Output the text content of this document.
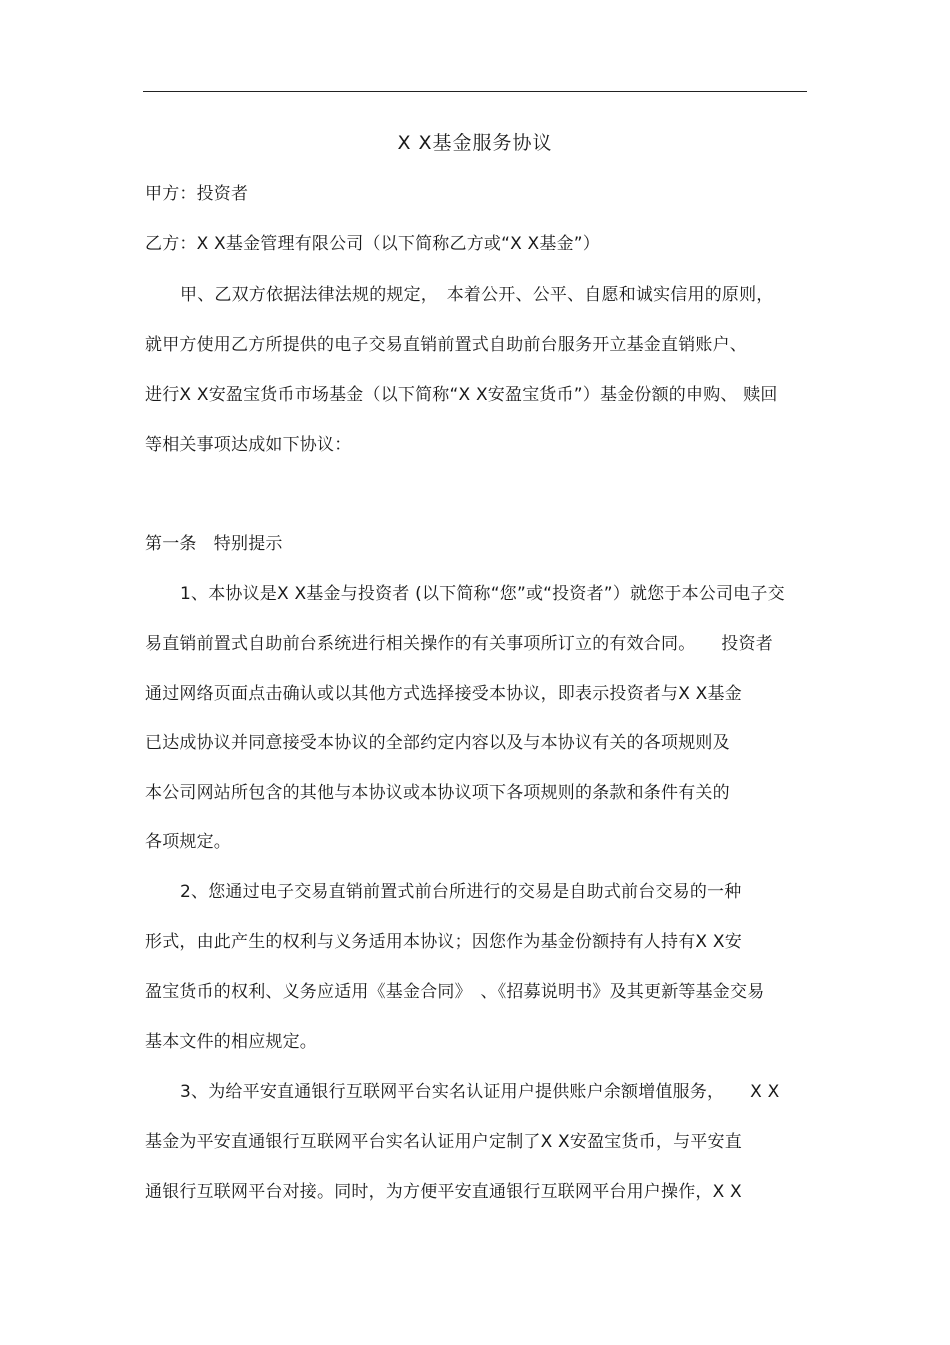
X X基金服务协议
甲方：投资者
乙方：X X基金管理有限公司（以下简称乙方或“X X基金”）
甲、乙双方依据法律法规的规定，　本着公开、公平、自愿和诚实信用的原则，
就甲方使用乙方所提供的电子交易直销前置式自助前台服务开立基金直销账户、
进行X X安盈宝货币市场基金（以下简称“X X安盈宝货币”）基金份额的申购、 赎回
等相关事项达成如下协议：
第一条　特别提示
1、本协议是X X基金与投资者 (以下简称“您”或“投资者”）就您于本公司电子交
易直销前置式自助前台系统进行相关操作的有关事项所订立的有效合同。　　投资者
通过网络页面点击确认或以其他方式选择接受本协议，即表示投资者与X X基金
已达成协议并同意接受本协议的全部约定内容以及与本协议有关的各项规则及
本公司网站所包含的其他与本协议或本协议项下各项规则的条款和条件有关的
各项规定。
2、您通过电子交易直销前置式前台所进行的交易是自助式前台交易的一种
形式，由此产生的权利与义务适用本协议；因您作为基金份额持有人持有X X安
盈宝货币的权利、义务应适用《基金合同》　、《招募说明书》及其更新等基金交易
基本文件的相应规定。
3、为给平安直通银行互联网平台实名认证用户提供账户余额增值服务，　　X X
基金为平安直通银行互联网平台实名认证用户定制了X X安盈宝货币，与平安直
通银行互联网平台对接。同时，为方便平安直通银行互联网平台用户操作，X X
